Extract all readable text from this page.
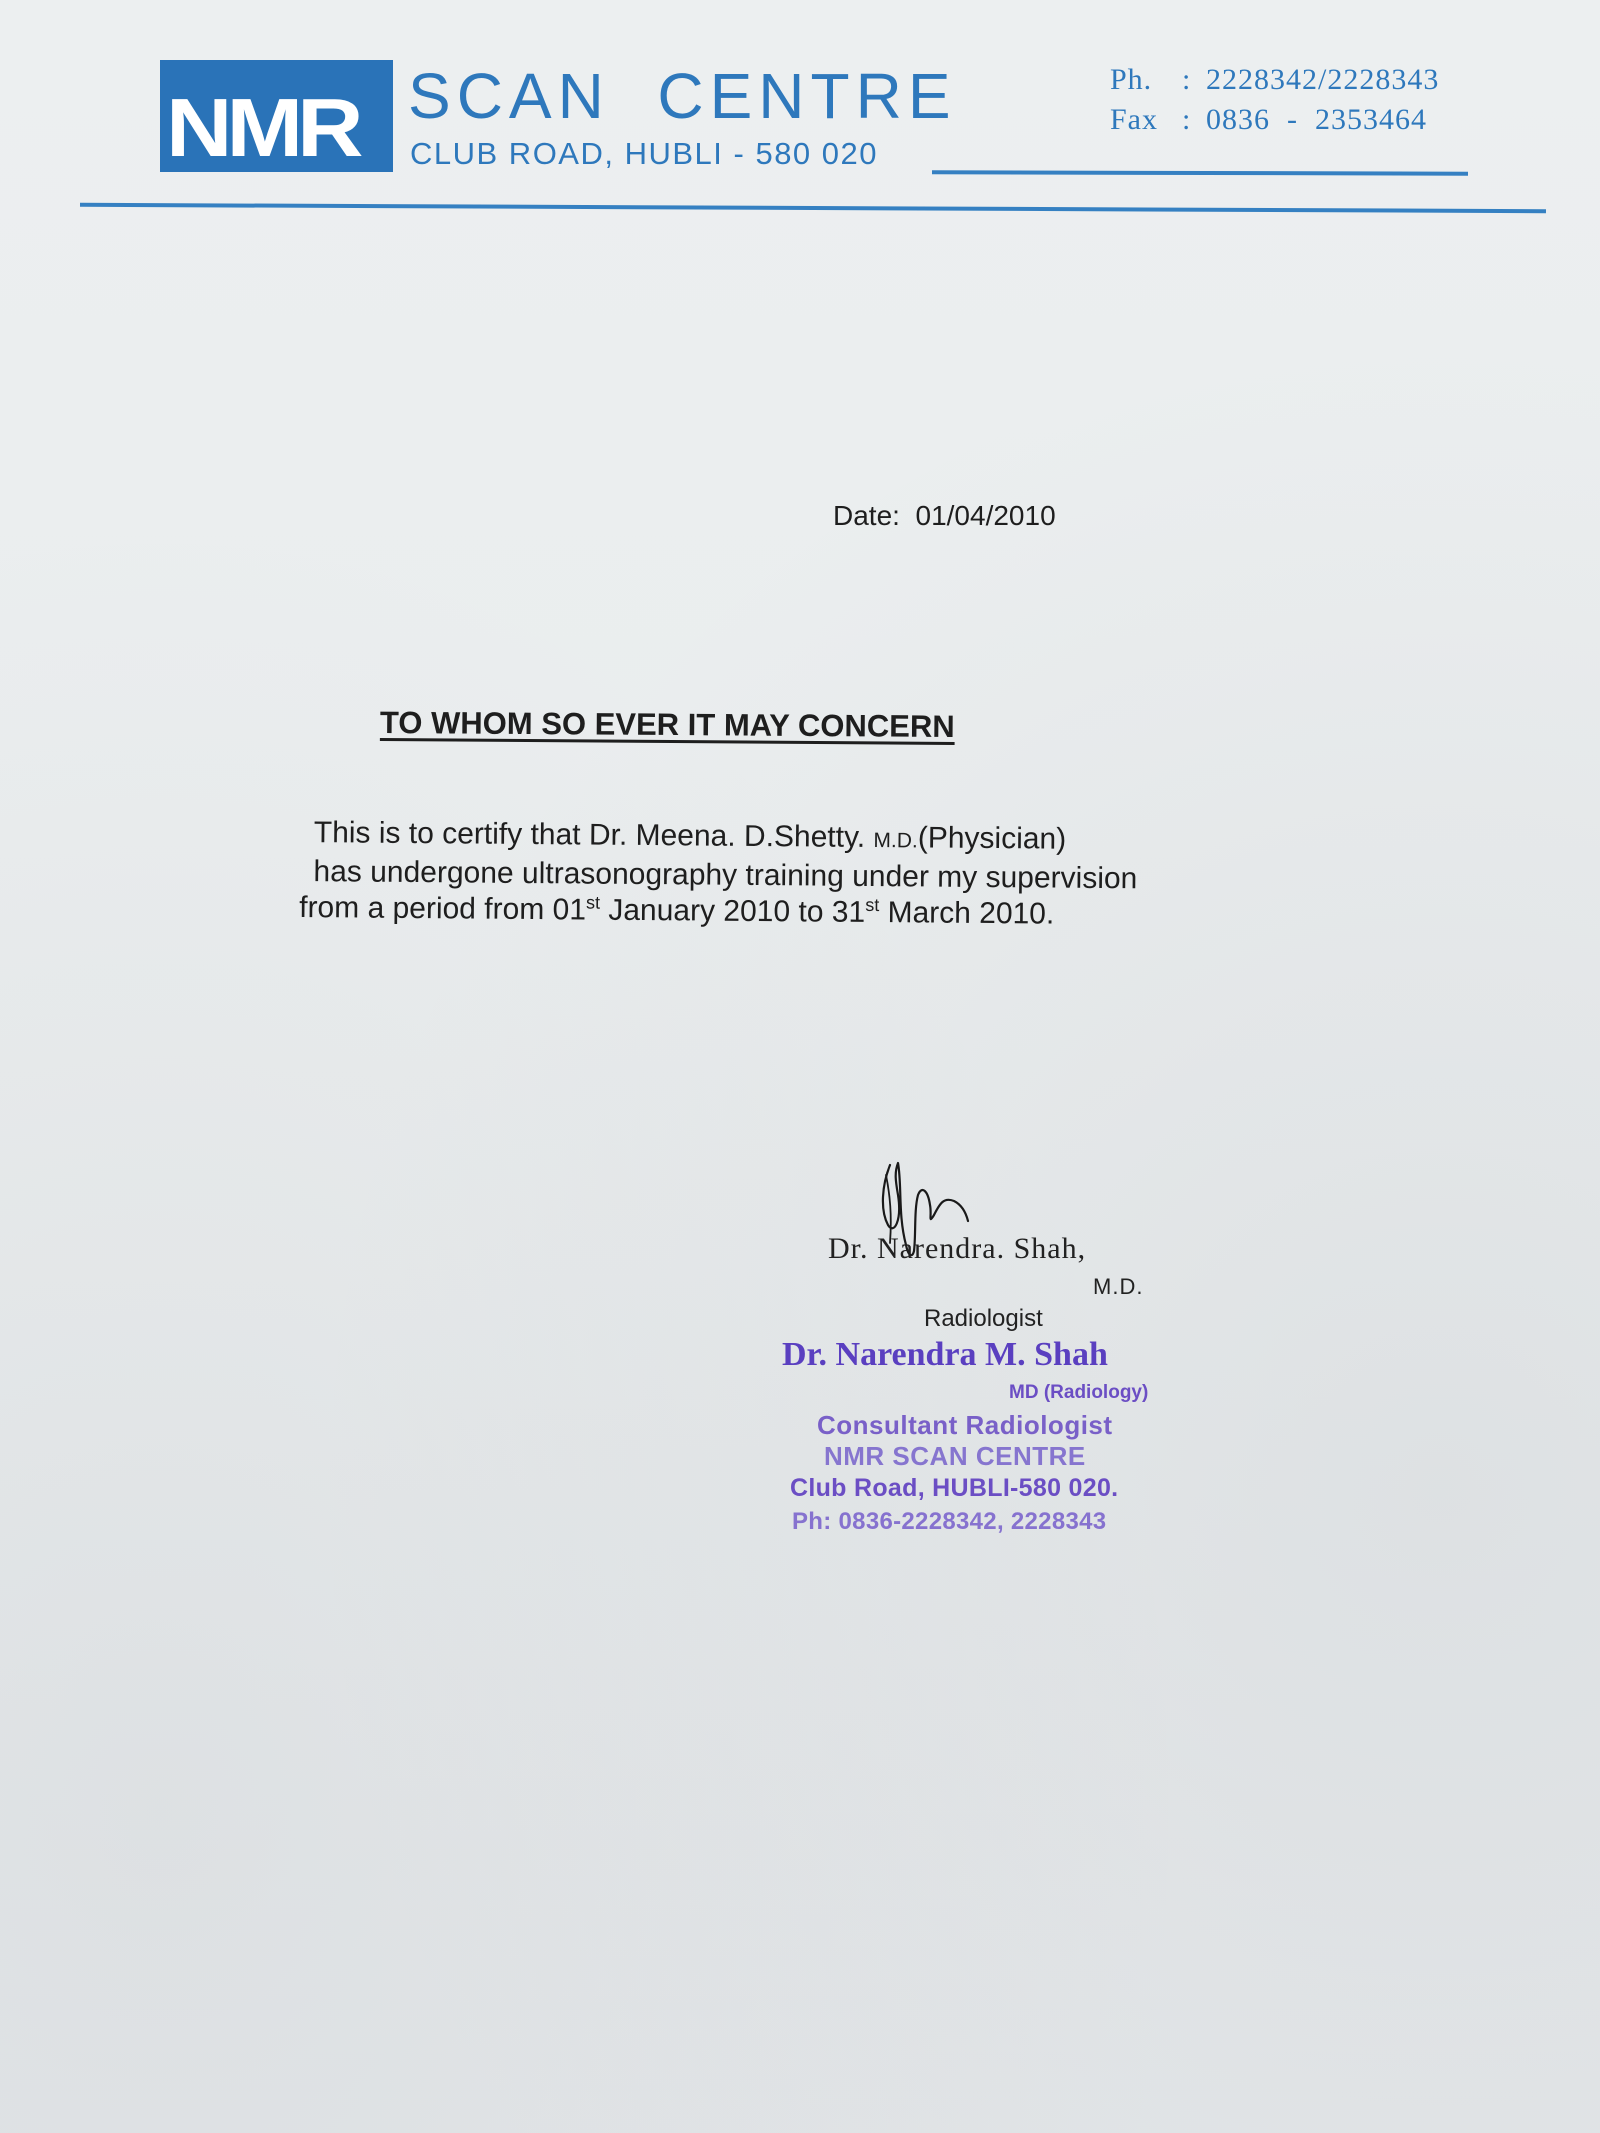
NMR SCAN  CENTRE
CLUB ROAD, HUBLI - 580 020
Ph. : 2228342/2228343
Fax : 0836  -  2353464
Date: 01/04/2010
TO WHOM SO EVER IT MAY CONCERN
This is to certify that Dr. Meena. D.Shetty. M.D.(Physician)
has undergone ultrasonography training under my supervision
from a period from 01st January 2010 to 31st March 2010.
Dr. Narendra. Shah,
M.D.
Radiologist
Dr. Narendra M. Shah
MD (Radiology)
Consultant Radiologist
NMR SCAN CENTRE
Club Road, HUBLI-580 020.
Ph: 0836-2228342, 2228343
